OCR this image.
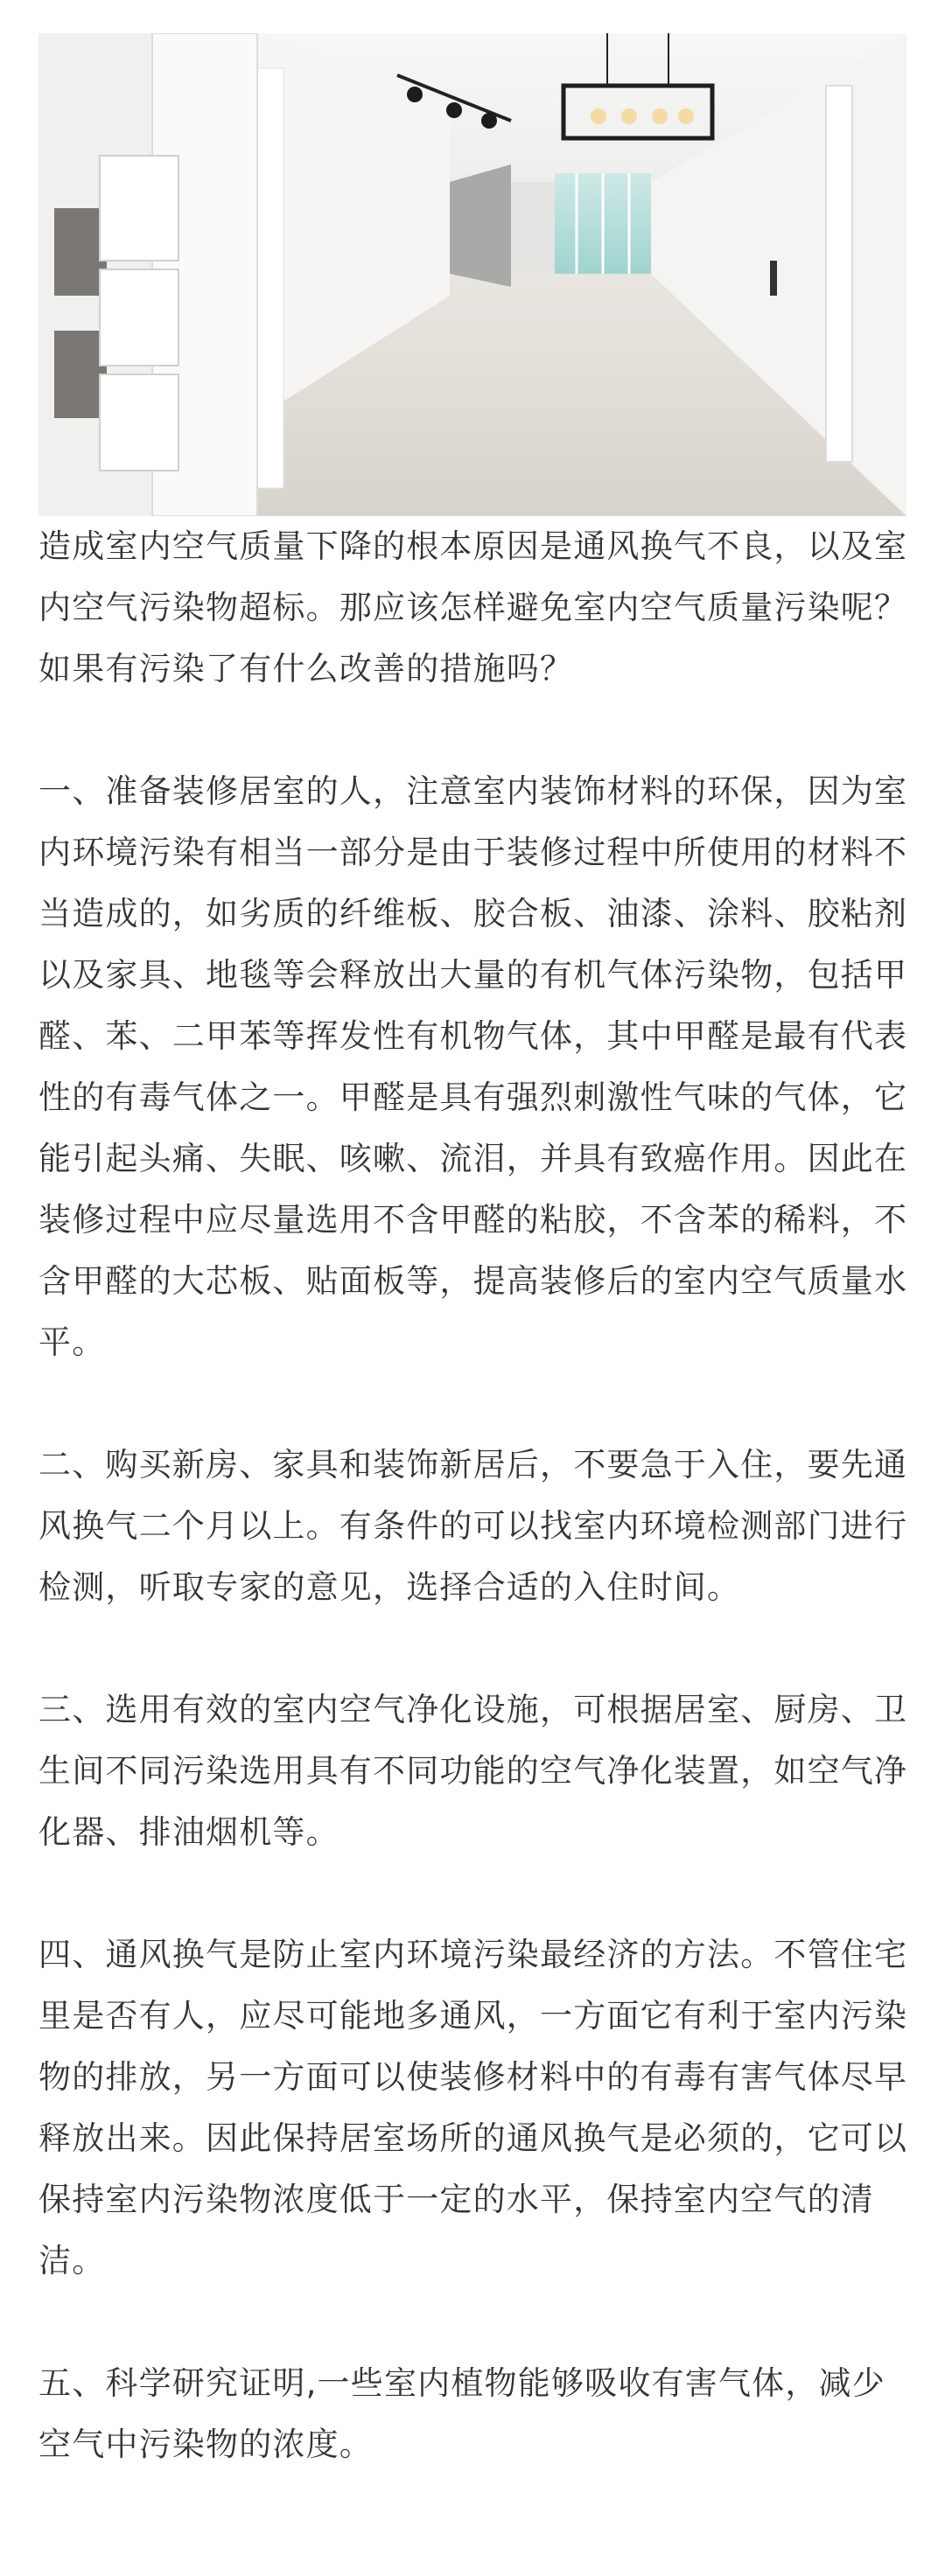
造成室内空气质量下降的根本原因是通风换气不良，以及室内空气污染物超标。那应该怎样避免室内空气质量污染呢？如果有污染了有什么改善的措施吗？

一、准备装修居室的人，注意室内装饰材料的环保，因为室内环境污染有相当一部分是由于装修过程中所使用的材料不当造成的，如劣质的纤维板、胶合板、油漆、涂料、胶粘剂以及家具、地毯等会释放出大量的有机气体污染物，包括甲醛、苯、二甲苯等挥发性有机物气体，其中甲醛是最有代表性的有毒气体之一。甲醛是具有强烈刺激性气味的气体，它能引起头痛、失眠、咳嗽、流泪，并具有致癌作用。因此在装修过程中应尽量选用不含甲醛的粘胶，不含苯的稀料，不含甲醛的大芯板、贴面板等，提高装修后的室内空气质量水平。

二、购买新房、家具和装饰新居后，不要急于入住，要先通风换气二个月以上。有条件的可以找室内环境检测部门进行检测，听取专家的意见，选择合适的入住时间。

三、选用有效的室内空气净化设施，可根据居室、厨房、卫生间不同污染选用具有不同功能的空气净化装置，如空气净化器、排油烟机等。

四、通风换气是防止室内环境污染最经济的方法。不管住宅里是否有人，应尽可能地多通风，一方面它有利于室内污染物的排放，另一方面可以使装修材料中的有毒有害气体尽早释放出来。因此保持居室场所的通风换气是必须的，它可以保持室内污染物浓度低于一定的水平，保持室内空气的清洁。

五、科学研究证明,一些室内植物能够吸收有害气体，减少空气中污染物的浓度。
